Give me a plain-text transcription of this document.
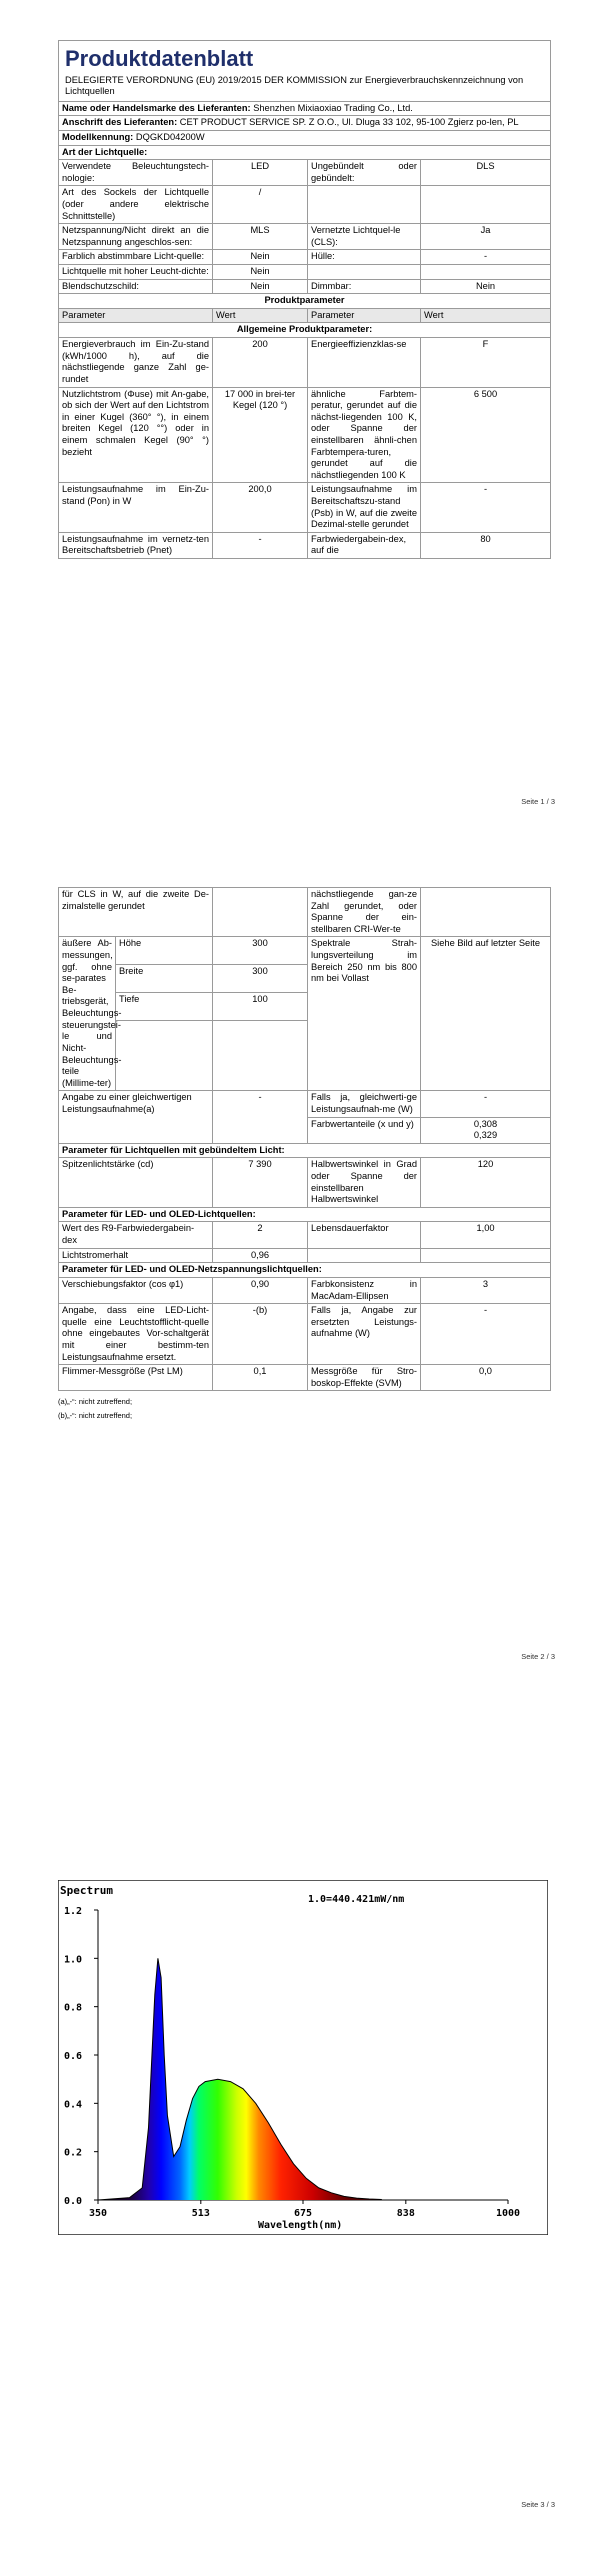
Produktdatenblatt
DELEGIERTE VERORDNUNG (EU) 2019/2015 DER KOMMISSION zur Energieverbrauchskennzeichnung von Lichtquellen			

Name oder Handelsmarke des Lieferanten: Shenzhen Mixiaoxiao Trading Co., Ltd.			
Anschrift des Lieferanten: CET PRODUCT SERVICE SP. Z O.O., Ul. Dluga 33 102, 95-100 Zgierz po-len, PL			
Modellkennung: DQGKD04200W			
Art der Lichtquelle:			
Verwendete Beleuchtungstech-nologie:	LED	Ungebündelt oder gebündelt:	DLS
Art des Sockels der Lichtquelle (oder andere elektrische Schnittstelle)	/		
Netzspannung/Nicht direkt an die Netzspannung angeschlos-sen:	MLS	Vernetzte Lichtquel-le (CLS):	Ja
Farblich abstimmbare Licht-quelle:	Nein	Hülle:	-
Lichtquelle mit hoher Leucht-dichte:	Nein		
Blendschutzschild:	Nein	Dimmbar:	Nein
Produktparameter			
Parameter	Wert	Parameter	Wert
Allgemeine Produktparameter:			
Energieverbrauch im Ein-Zu-stand (kWh/1000 h), auf die nächstliegende ganze Zahl ge-rundet	200	Energieeffizienzklas-se	F
Nutzlichtstrom (Φuse) mit An-gabe, ob sich der Wert auf den Lichtstrom in einer Kugel (360° °), in einem breiten Kegel (120 °°) oder in einem schmalen Kegel (90° °) bezieht	17 000 in brei-ter Kegel (120 °)	ähnliche Farbtem-peratur, gerundet auf die nächst-liegenden 100 K, oder Spanne der einstellbaren ähnli-chen Farbtempera-turen, gerundet auf die nächstliegenden 100 K	6 500
Leistungsaufnahme im Ein-Zu-stand (Pon) in W	200,0	Leistungsaufnahme im Bereitschaftszu-stand (Psb) in W, auf die zweite Dezimal-stelle gerundet	-
Leistungsaufnahme im vernetz-ten Bereitschaftsbetrieb (Pnet)	-	Farbwiedergabein-dex, auf die	80
Seite 1 / 3
für CLS in W, auf die zweite De-zimalstelle gerundet			nächstliegende gan-ze Zahl gerundet, oder Spanne der ein-stellbaren CRI-Wer-te	
äußere Ab-messungen, ggf. ohne se-parates Be-triebsgerät, Beleuchtungs-steuerungstei-le und Nicht-Beleuchtungs-teile (Millime-ter)	Höhe	300	Spektrale Strah-lungsverteilung im Bereich 250 nm bis 800 nm bei Vollast	Siehe Bild auf letzter Seite
	Breite	300		
	Tiefe	100		

Angabe zu einer gleichwertigen Leistungsaufnahme(a)		-	Falls ja, gleichwerti-ge Leistungsaufnah-me (W)	-
			Farbwertanteile (x und y)	0,308
0,329

Parameter für Lichtquellen mit gebündeltem Licht:				
Spitzenlichtstärke (cd)		7 390	Halbwertswinkel in Grad oder Spanne der einstellbaren Halbwertswinkel	120
Parameter für LED- und OLED-Lichtquellen:				
Wert des R9-Farbwiedergabein-dex		2	Lebensdauerfaktor	1,00
Lichtstromerhalt		0,96		
Parameter für LED- und OLED-Netzspannungslichtquellen:				
Verschiebungsfaktor (cos φ1)		0,90	Farbkonsistenz in MacAdam-Ellipsen	3
Angabe, dass eine LED-Licht-quelle eine Leuchtstofflicht-quelle ohne eingebautes Vor-schaltgerät mit einer bestimm-ten Leistungsaufnahme ersetzt.		-(b)	Falls ja, Angabe zur ersetzten Leistungs-aufnahme (W)	-
Flimmer-Messgröße (Pst LM)		0,1	Messgröße für Stro-boskop-Effekte (SVM)	0,0
(a)„-“: nicht zutreffend;
(b)„-“: nicht zutreffend;
Seite 2 / 3
Spectrum
1.0=440.421mW/nm
Wavelength(nm)
0.0
0.2
0.4
0.6
0.8
1.0
1.2
350	513	675	838	1000
Seite 3 / 3
